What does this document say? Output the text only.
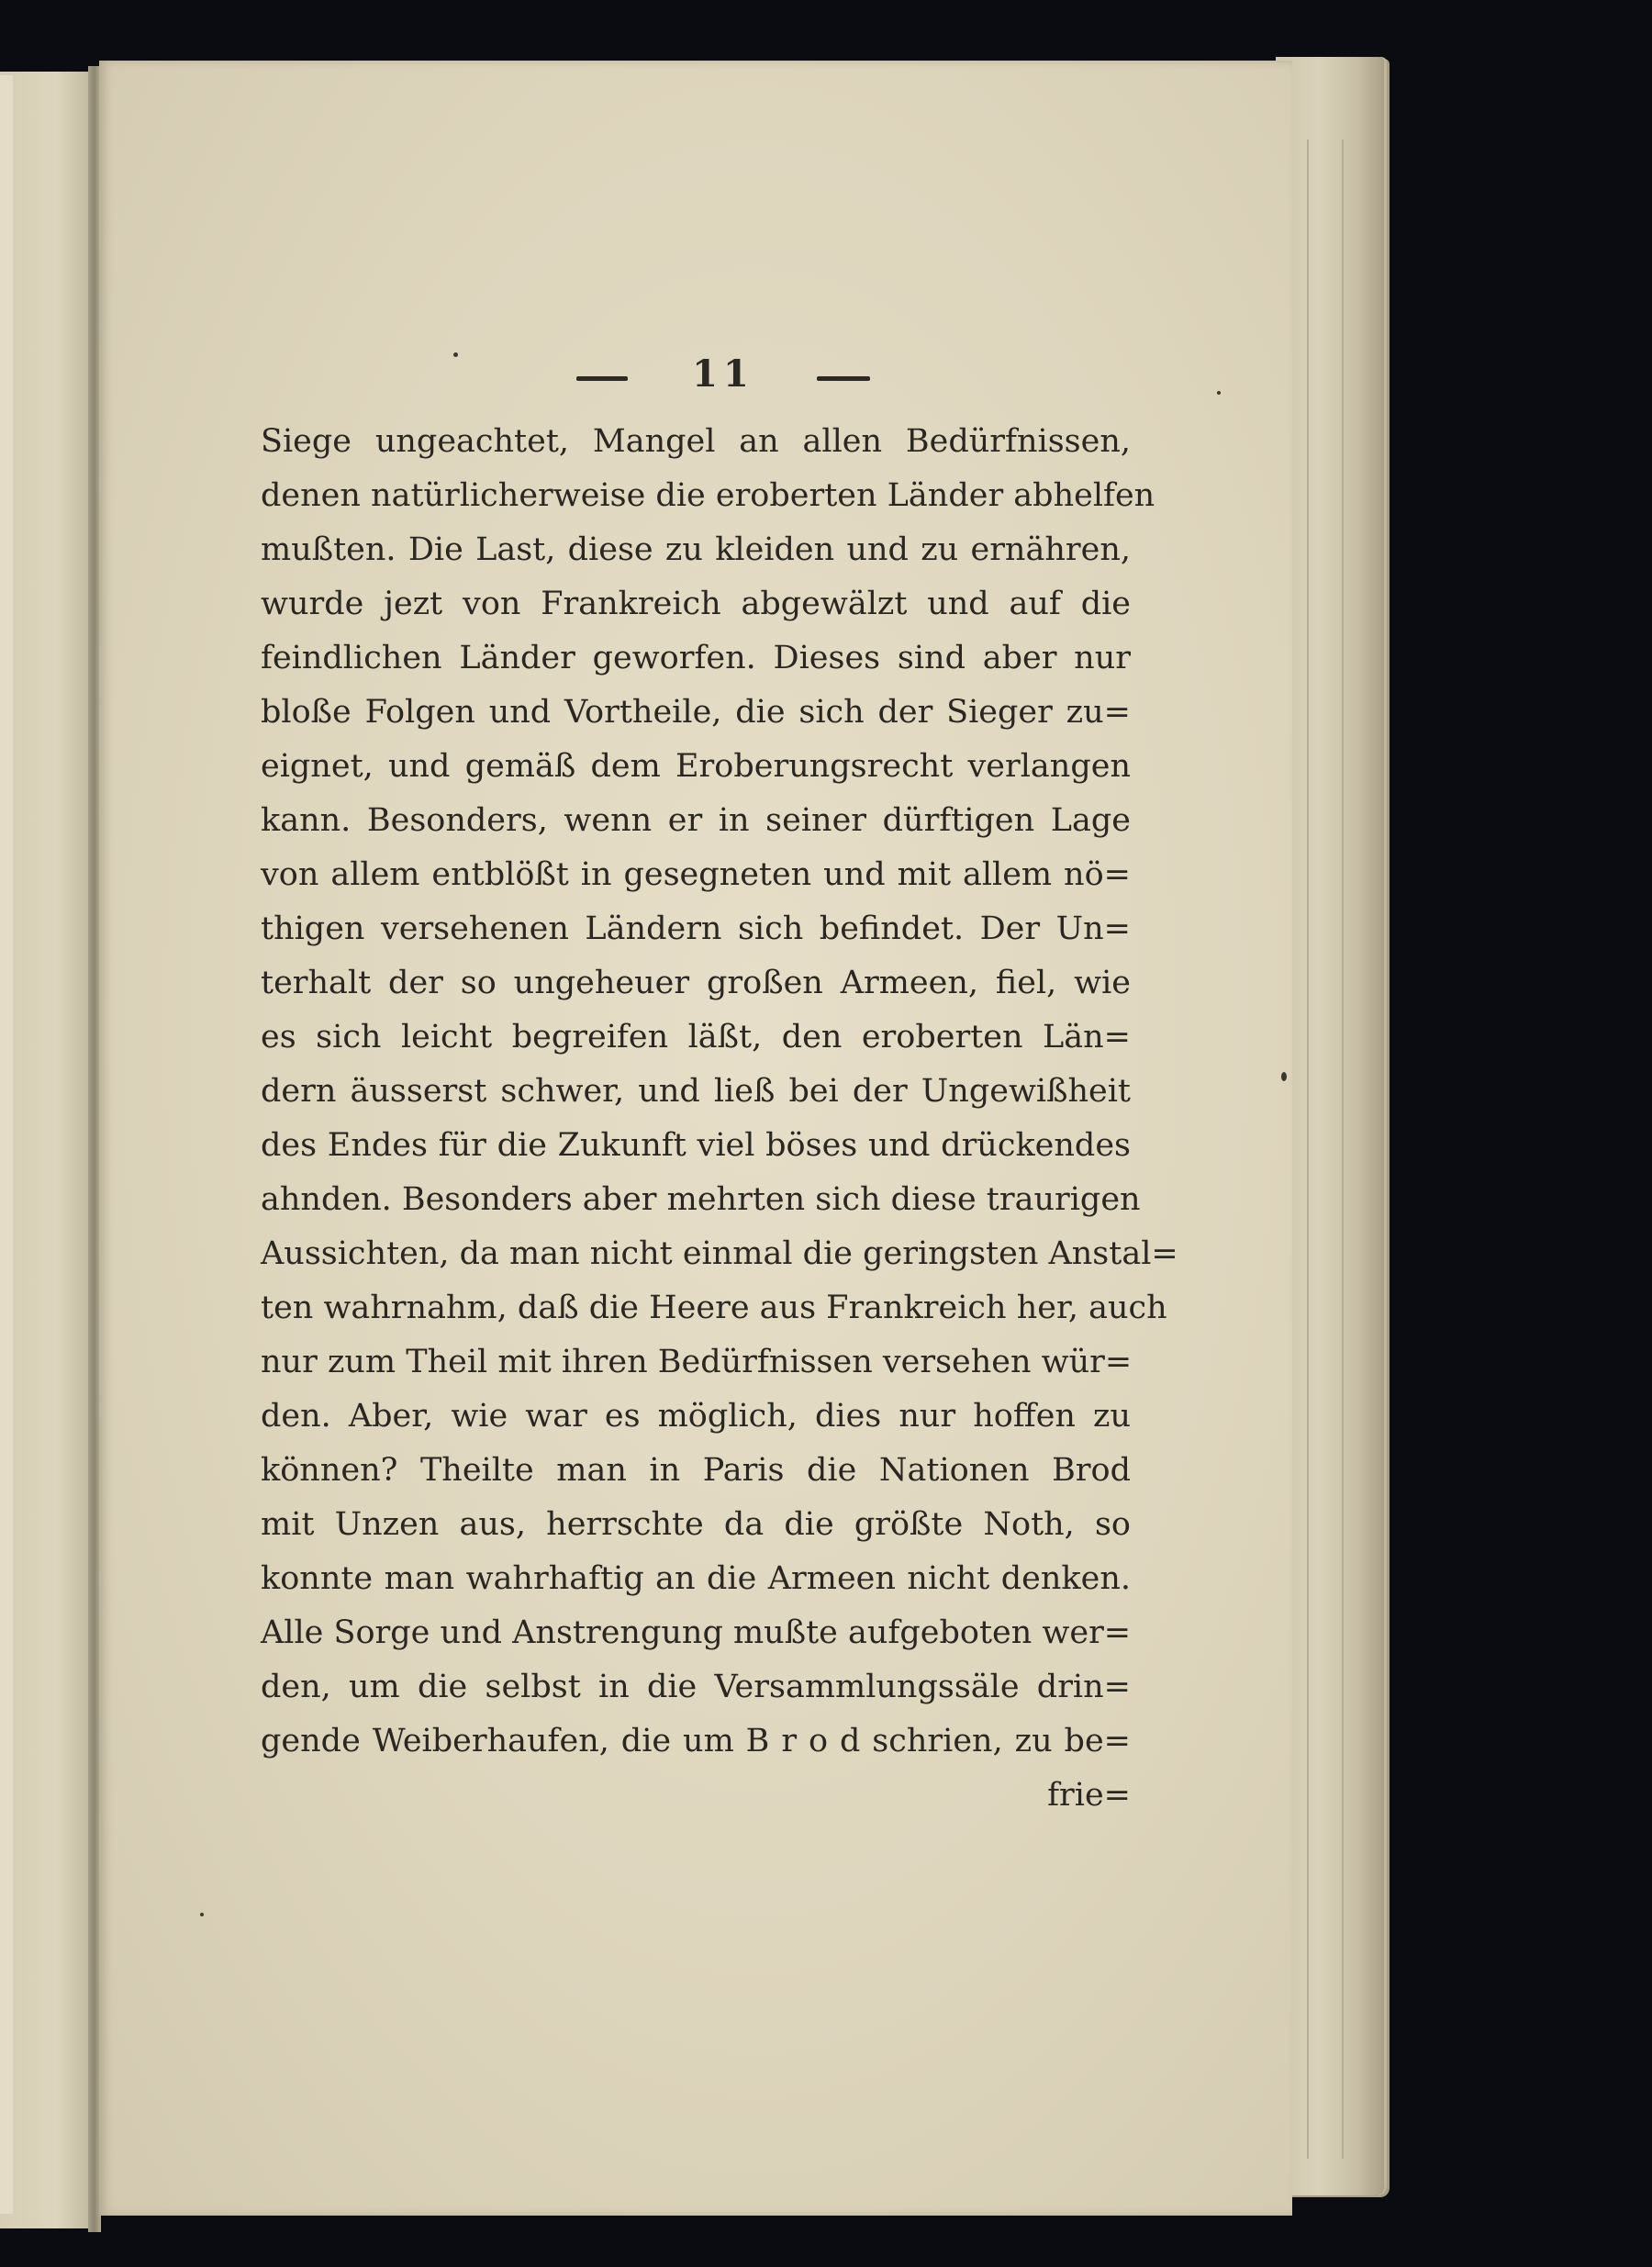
11
Siege ungeachtet, Mangel an allen Bedürfnissen,
denen natürlicherweise die eroberten Länder abhelfen
mußten. Die Last, diese zu kleiden und zu ernähren,
wurde jezt von Frankreich abgewälzt und auf die
feindlichen Länder geworfen. Dieses sind aber nur
bloße Folgen und Vortheile, die sich der Sieger zu=
eignet, und gemäß dem Eroberungsrecht verlangen
kann. Besonders, wenn er in seiner dürftigen Lage
von allem entblößt in gesegneten und mit allem nö=
thigen versehenen Ländern sich befindet. Der Un=
terhalt der so ungeheuer großen Armeen, fiel, wie
es sich leicht begreifen läßt, den eroberten Län=
dern äusserst schwer, und ließ bei der Ungewißheit
des Endes für die Zukunft viel böses und drückendes
ahnden. Besonders aber mehrten sich diese traurigen
Aussichten, da man nicht einmal die geringsten Anstal=
ten wahrnahm, daß die Heere aus Frankreich her, auch
nur zum Theil mit ihren Bedürfnissen versehen wür=
den. Aber, wie war es möglich, dies nur hoffen zu
können? Theilte man in Paris die Nationen Brod
mit Unzen aus, herrschte da die größte Noth, so
konnte man wahrhaftig an die Armeen nicht denken.
Alle Sorge und Anstrengung mußte aufgeboten wer=
den, um die selbst in die Versammlungssäle drin=
gende Weiberhaufen, die um B r o d schrien, zu be=
frie=
